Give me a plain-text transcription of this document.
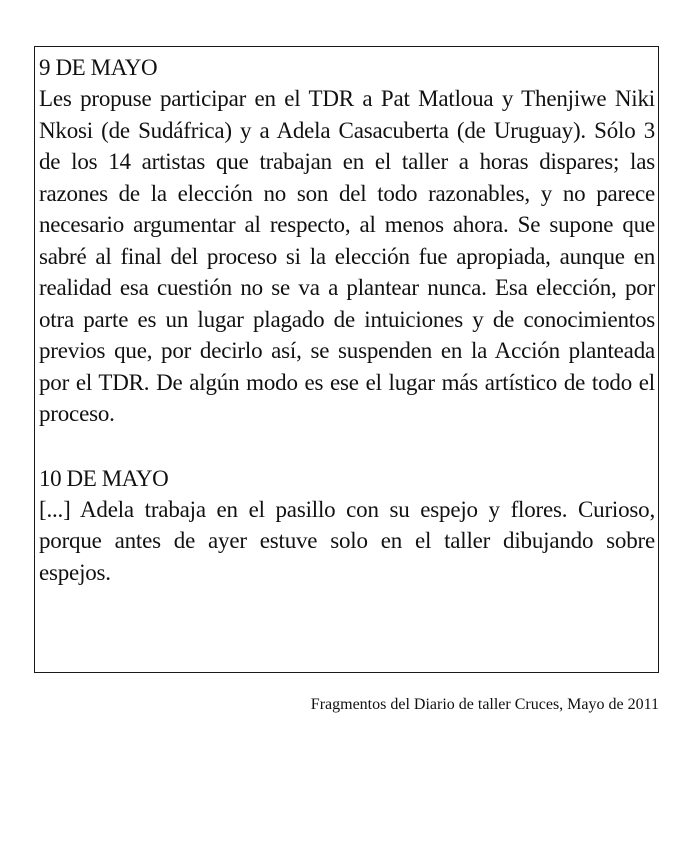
9 DE MAYO

Les propuse participar en el TDR a Pat Matloua y Thenjiwe Niki Nkosi (de Sudáfrica) y a Adela Casacuberta (de Uruguay). Sólo 3 de los 14 artistas que trabajan en el taller a horas dispares; las razones de la elección no son del todo razonables, y no parece necesario argumentar al respecto, al menos ahora. Se supone que sabré al final del proceso si la elección fue apropiada, aunque en realidad esa cuestión no se va a plantear nunca. Esa elección, por otra parte es un lugar plagado de intuiciones y de conocimientos previos que, por decirlo así, se suspenden en la Acción planteada por el TDR. De algún modo es ese el lugar más artístico de todo el proceso.

10 DE MAYO

[...] Adela trabaja en el pasillo con su espejo y flores. Curioso, porque antes de ayer estuve solo en el taller dibujando sobre espejos.

Fragmentos del Diario de taller Cruces, Mayo de 2011
